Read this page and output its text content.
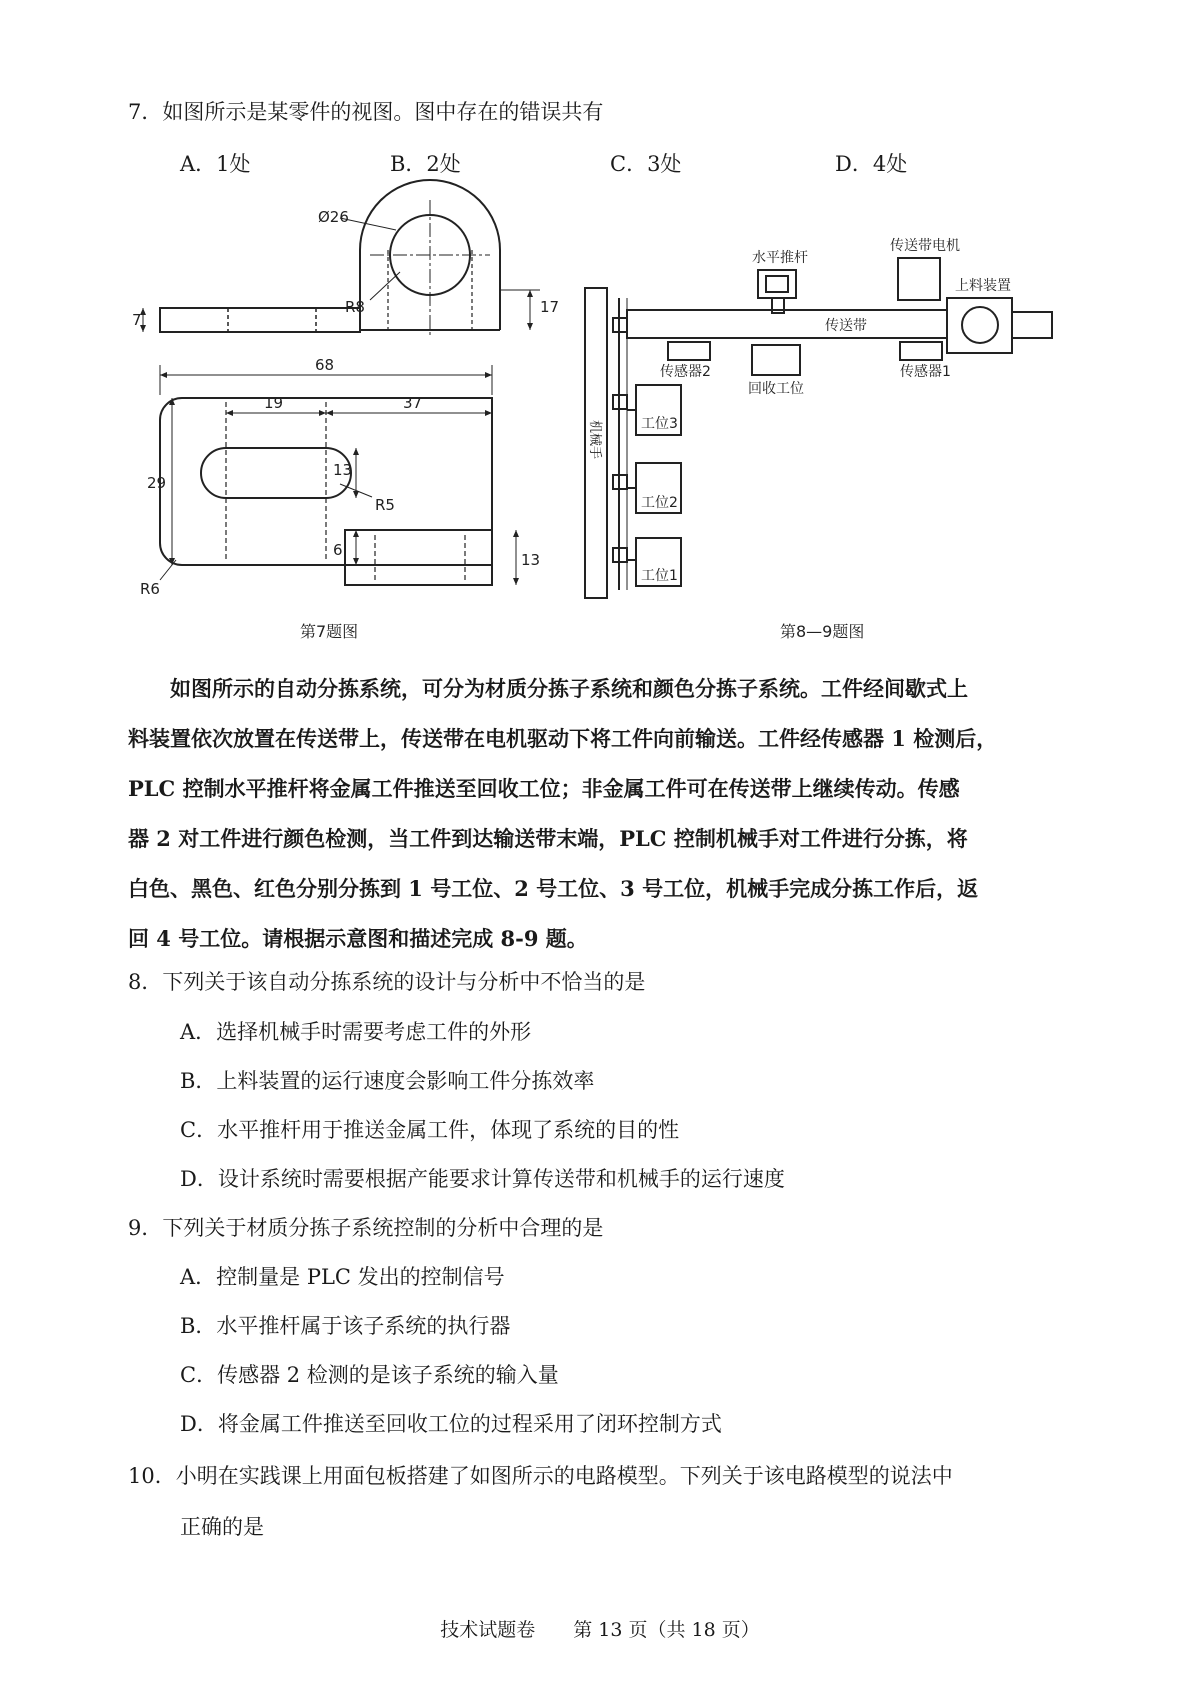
7．如图所示是某零件的视图。图中存在的错误共有
A．1处	B．2处	C．3处	D．4处
Ø26
R8	17
7
68
19	37
13
29
R5
6
13
R6
第7题图
水平推杆
传送带电机
上料装置
传送带
传感器2
回收工位
传感器1
工位3
工位2
工位1
机械手
第8—9题图
如图所示的自动分拣系统，可分为材质分拣子系统和颜色分拣子系统。工件经间歇式上
料装置依次放置在传送带上，传送带在电机驱动下将工件向前输送。工件经传感器 1 检测后，
PLC 控制水平推杆将金属工件推送至回收工位；非金属工件可在传送带上继续传动。传感
器 2 对工件进行颜色检测，当工件到达输送带末端，PLC 控制机械手对工件进行分拣，将
白色、黑色、红色分别分拣到 1 号工位、2 号工位、3 号工位，机械手完成分拣工作后，返
回 4 号工位。请根据示意图和描述完成 8-9 题。
8．下列关于该自动分拣系统的设计与分析中不恰当的是
A．选择机械手时需要考虑工件的外形
B．上料装置的运行速度会影响工件分拣效率
C．水平推杆用于推送金属工件，体现了系统的目的性
D．设计系统时需要根据产能要求计算传送带和机械手的运行速度
9．下列关于材质分拣子系统控制的分析中合理的是
A．控制量是 PLC 发出的控制信号
B．水平推杆属于该子系统的执行器
C．传感器 2 检测的是该子系统的输入量
D．将金属工件推送至回收工位的过程采用了闭环控制方式
10．小明在实践课上用面包板搭建了如图所示的电路模型。下列关于该电路模型的说法中
正确的是
技术试题卷　　第 13 页（共 18 页）
